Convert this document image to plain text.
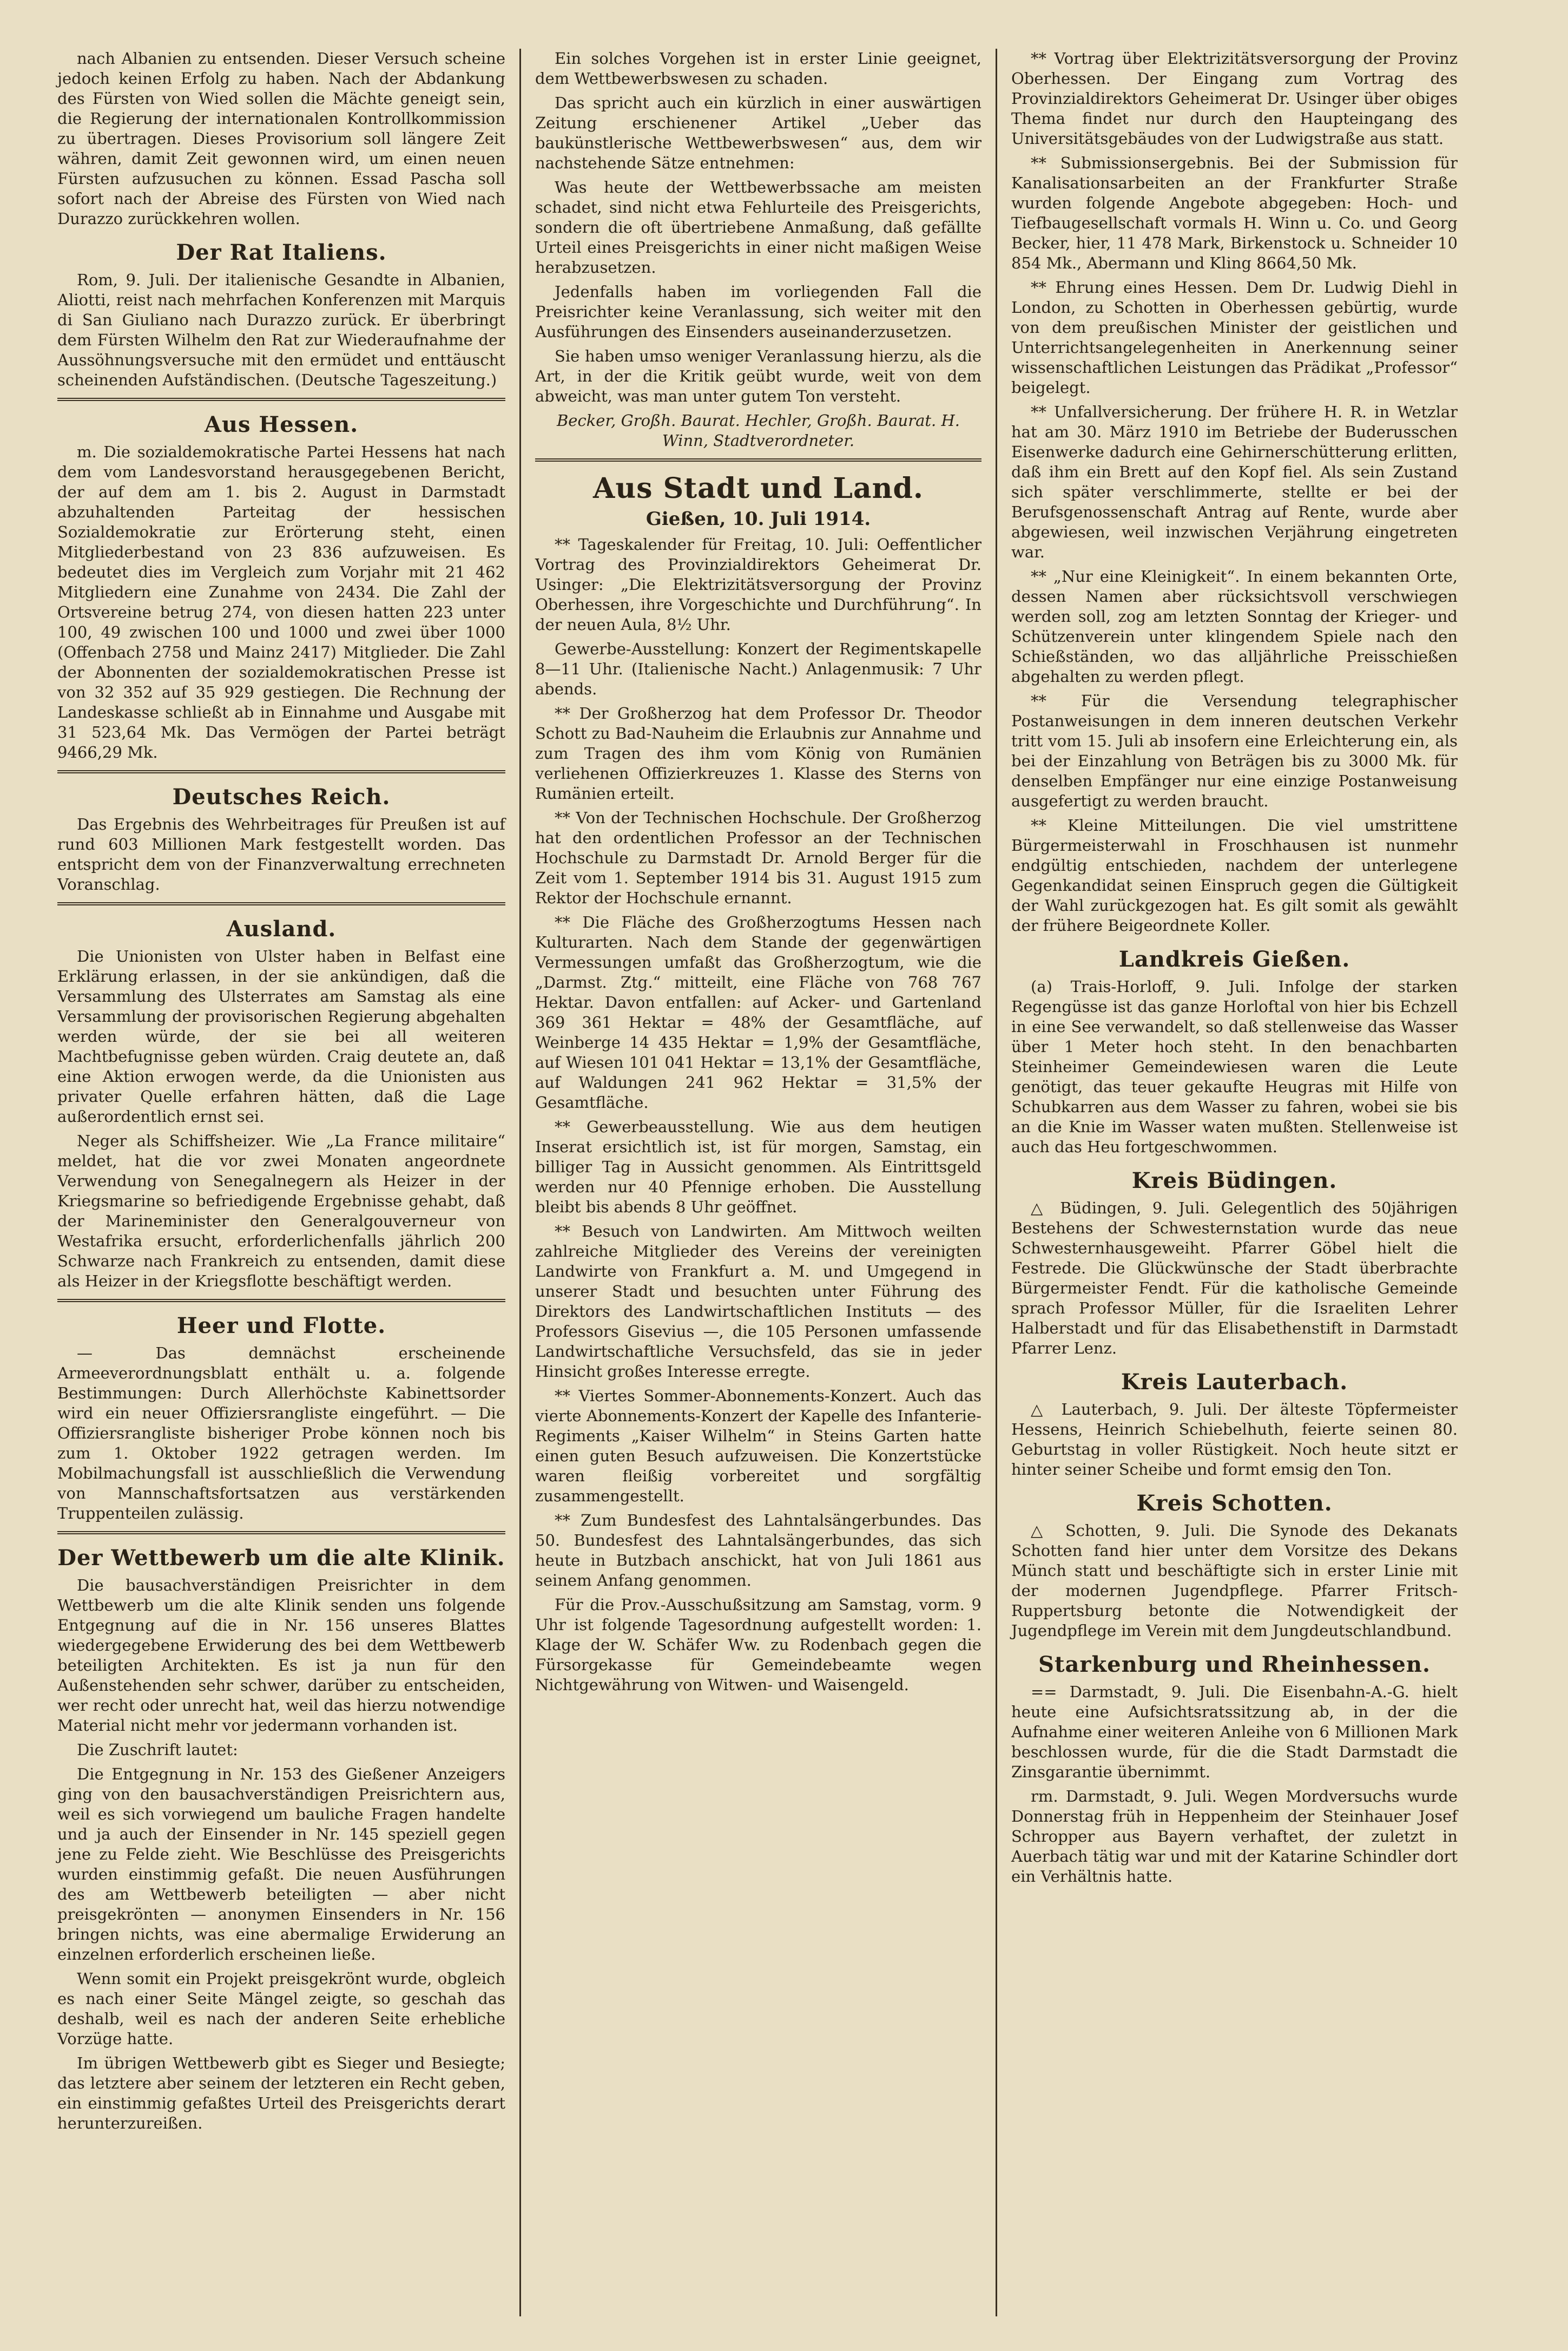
nach Albanien zu entsenden. Dieser Versuch scheine jedoch keinen Erfolg zu haben. Nach der Abdankung des Fürsten von Wied sollen die Mächte geneigt sein, die Regierung der internationalen Kontrollkommission zu übertragen. Dieses Provisorium soll längere Zeit währen, damit Zeit gewonnen wird, um einen neuen Fürsten aufzusuchen zu können. Essad Pascha soll sofort nach der Abreise des Fürsten von Wied nach Durazzo zurückkehren wollen.

Der Rat Italiens.

Rom, 9. Juli. Der italienische Gesandte in Albanien, Aliotti, reist nach mehrfachen Konferenzen mit Marquis di San Giuliano nach Durazzo zurück. Er überbringt dem Fürsten Wilhelm den Rat zur Wiederaufnahme der Aussöhnungsversuche mit den ermüdet und enttäuscht scheinenden Aufständischen. (Deutsche Tageszeitung.)

Aus Hessen.

m. Die sozialdemokratische Partei Hessens hat nach dem vom Landesvorstand herausgegebenen Bericht, der auf dem am 1. bis 2. August in Darmstadt abzuhaltenden Parteitag der hessischen Sozialdemokratie zur Erörterung steht, einen Mitgliederbestand von 23 836 aufzuweisen. Es bedeutet dies im Vergleich zum Vorjahr mit 21 462 Mitgliedern eine Zunahme von 2434. Die Zahl der Ortsvereine betrug 274, von diesen hatten 223 unter 100, 49 zwischen 100 und 1000 und zwei über 1000 (Offenbach 2758 und Mainz 2417) Mitglieder. Die Zahl der Abonnenten der sozialdemokratischen Presse ist von 32 352 auf 35 929 gestiegen. Die Rechnung der Landeskasse schließt ab in Einnahme und Ausgabe mit 31 523,64 Mk. Das Vermögen der Partei beträgt 9466,29 Mk.

Deutsches Reich.

Das Ergebnis des Wehrbeitrages für Preußen ist auf rund 603 Millionen Mark festgestellt worden. Das entspricht dem von der Finanzverwaltung errechneten Voranschlag.

Ausland.

Die Unionisten von Ulster haben in Belfast eine Erklärung erlassen, in der sie ankündigen, daß die Versammlung des Ulsterrates am Samstag als eine Versammlung der provisorischen Regierung abgehalten werden würde, der sie bei all weiteren Machtbefugnisse geben würden. Craig deutete an, daß eine Aktion erwogen werde, da die Unionisten aus privater Quelle erfahren hätten, daß die Lage außerordentlich ernst sei.

Neger als Schiffsheizer. Wie „La France militaire“ meldet, hat die vor zwei Monaten angeordnete Verwendung von Senegalnegern als Heizer in der Kriegsmarine so befriedigende Ergebnisse gehabt, daß der Marineminister den Generalgouverneur von Westafrika ersucht, erforderlichenfalls jährlich 200 Schwarze nach Frankreich zu entsenden, damit diese als Heizer in der Kriegsflotte beschäftigt werden.

Heer und Flotte.

— Das demnächst erscheinende Armeeverordnungsblatt enthält u. a. folgende Bestimmungen: Durch Allerhöchste Kabinettsorder wird ein neuer Offiziersrangliste eingeführt. — Die Offiziersrangliste bisheriger Probe können noch bis zum 1. Oktober 1922 getragen werden. Im Mobilmachungsfall ist ausschließlich die Verwendung von Mannschaftsfortsatzen aus verstärkenden Truppenteilen zulässig.

Der Wettbewerb um die alte Klinik.

Die bausachverständigen Preisrichter in dem Wettbewerb um die alte Klinik senden uns folgende Entgegnung auf die in Nr. 156 unseres Blattes wiedergegebene Erwiderung des bei dem Wettbewerb beteiligten Architekten. Es ist ja nun für den Außenstehenden sehr schwer, darüber zu entscheiden, wer recht oder unrecht hat, weil das hierzu notwendige Material nicht mehr vor jedermann vorhanden ist.

Die Zuschrift lautet:

Die Entgegnung in Nr. 153 des Gießener Anzeigers ging von den bausachverständigen Preisrichtern aus, weil es sich vorwiegend um bauliche Fragen handelte und ja auch der Einsender in Nr. 145 speziell gegen jene zu Felde zieht. Wie Beschlüsse des Preisgerichts wurden einstimmig gefaßt. Die neuen Ausführungen des am Wettbewerb beteiligten — aber nicht preisgekrönten — anonymen Einsenders in Nr. 156 bringen nichts, was eine abermalige Erwiderung an einzelnen erforderlich erscheinen ließe.

Wenn somit ein Projekt preisgekrönt wurde, obgleich es nach einer Seite Mängel zeigte, so geschah das deshalb, weil es nach der anderen Seite erhebliche Vorzüge hatte.

Im übrigen Wettbewerb gibt es Sieger und Besiegte; das letztere aber seinem der letzteren ein Recht geben, ein einstimmig gefaßtes Urteil des Preisgerichts derart herunterzureißen.

Ein solches Vorgehen ist in erster Linie geeignet, dem Wettbewerbswesen zu schaden.

Das spricht auch ein kürzlich in einer auswärtigen Zeitung erschienener Artikel „Ueber das baukünstlerische Wettbewerbswesen“ aus, dem wir nachstehende Sätze entnehmen:

Was heute der Wettbewerbssache am meisten schadet, sind nicht etwa Fehlurteile des Preisgerichts, sondern die oft übertriebene Anmaßung, daß gefällte Urteil eines Preisgerichts in einer nicht maßigen Weise herabzusetzen.

Jedenfalls haben im vorliegenden Fall die Preisrichter keine Veranlassung, sich weiter mit den Ausführungen des Einsenders auseinanderzusetzen.

Sie haben umso weniger Veranlassung hierzu, als die Art, in der die Kritik geübt wurde, weit von dem abweicht, was man unter gutem Ton versteht.

Becker, Großh. Baurat. Hechler, Großh. Baurat. H. Winn, Stadtverordneter.
Aus Stadt und Land.
Gießen, 10. Juli 1914.

** Tageskalender für Freitag, 10. Juli: Oeffentlicher Vortrag des Provinzialdirektors Geheimerat Dr. Usinger: „Die Elektrizitätsversorgung der Provinz Oberhessen, ihre Vorgeschichte und Durchführung“. In der neuen Aula, 8½ Uhr.

Gewerbe-Ausstellung: Konzert der Regimentskapelle 8—11 Uhr. (Italienische Nacht.) Anlagenmusik: 7 Uhr abends.

** Der Großherzog hat dem Professor Dr. Theodor Schott zu Bad-Nauheim die Erlaubnis zur Annahme und zum Tragen des ihm vom König von Rumänien verliehenen Offizierkreuzes 1. Klasse des Sterns von Rumänien erteilt.

** Von der Technischen Hochschule. Der Großherzog hat den ordentlichen Professor an der Technischen Hochschule zu Darmstadt Dr. Arnold Berger für die Zeit vom 1. September 1914 bis 31. August 1915 zum Rektor der Hochschule ernannt.

** Die Fläche des Großherzogtums Hessen nach Kulturarten. Nach dem Stande der gegenwärtigen Vermessungen umfaßt das Großherzogtum, wie die „Darmst. Ztg.“ mitteilt, eine Fläche von 768 767 Hektar. Davon entfallen: auf Acker- und Gartenland 369 361 Hektar = 48% der Gesamtfläche, auf Weinberge 14 435 Hektar = 1,9% der Gesamtfläche, auf Wiesen 101 041 Hektar = 13,1% der Gesamtfläche, auf Waldungen 241 962 Hektar = 31,5% der Gesamtfläche.

** Gewerbeausstellung. Wie aus dem heutigen Inserat ersichtlich ist, ist für morgen, Samstag, ein billiger Tag in Aussicht genommen. Als Eintrittsgeld werden nur 40 Pfennige erhoben. Die Ausstellung bleibt bis abends 8 Uhr geöffnet.

** Besuch von Landwirten. Am Mittwoch weilten zahlreiche Mitglieder des Vereins der vereinigten Landwirte von Frankfurt a. M. und Umgegend in unserer Stadt und besuchten unter Führung des Direktors des Landwirtschaftlichen Instituts — des Professors Gisevius —, die 105 Personen umfassende Landwirtschaftliche Versuchsfeld, das sie in jeder Hinsicht großes Interesse erregte.

** Viertes Sommer-Abonnements-Konzert. Auch das vierte Abonnements-Konzert der Kapelle des Infanterie-Regiments „Kaiser Wilhelm“ in Steins Garten hatte einen guten Besuch aufzuweisen. Die Konzertstücke waren fleißig vorbereitet und sorgfältig zusammengestellt.

** Zum Bundesfest des Lahntalsängerbundes. Das 50. Bundesfest des Lahntalsängerbundes, das sich heute in Butzbach anschickt, hat von Juli 1861 aus seinem Anfang genommen.

Für die Prov.-Ausschußsitzung am Samstag, vorm. 9 Uhr ist folgende Tagesordnung aufgestellt worden: 1. Klage der W. Schäfer Ww. zu Rodenbach gegen die Fürsorgekasse für Gemeindebeamte wegen Nichtgewährung von Witwen- und Waisengeld.

** Vortrag über Elektrizitätsversorgung der Provinz Oberhessen. Der Eingang zum Vortrag des Provinzialdirektors Geheimerat Dr. Usinger über obiges Thema findet nur durch den Haupteingang des Universitätsgebäudes von der Ludwigstraße aus statt.

** Submissionsergebnis. Bei der Submission für Kanalisationsarbeiten an der Frankfurter Straße wurden folgende Angebote abgegeben: Hoch- und Tiefbaugesellschaft vormals H. Winn u. Co. und Georg Becker, hier, 11 478 Mark, Birkenstock u. Schneider 10 854 Mk., Abermann und Kling 8664,50 Mk.

** Ehrung eines Hessen. Dem Dr. Ludwig Diehl in London, zu Schotten in Oberhessen gebürtig, wurde von dem preußischen Minister der geistlichen und Unterrichtsangelegenheiten in Anerkennung seiner wissenschaftlichen Leistungen das Prädikat „Professor“ beigelegt.

** Unfallversicherung. Der frühere H. R. in Wetzlar hat am 30. März 1910 im Betriebe der Buderusschen Eisenwerke dadurch eine Gehirnerschütterung erlitten, daß ihm ein Brett auf den Kopf fiel. Als sein Zustand sich später verschlimmerte, stellte er bei der Berufsgenossenschaft Antrag auf Rente, wurde aber abgewiesen, weil inzwischen Verjährung eingetreten war.

** „Nur eine Kleinigkeit“. In einem bekannten Orte, dessen Namen aber rücksichtsvoll verschwiegen werden soll, zog am letzten Sonntag der Krieger- und Schützenverein unter klingendem Spiele nach den Schießständen, wo das alljährliche Preisschießen abgehalten zu werden pflegt.

** Für die Versendung telegraphischer Postanweisungen in dem inneren deutschen Verkehr tritt vom 15. Juli ab insofern eine Erleichterung ein, als bei der Einzahlung von Beträgen bis zu 3000 Mk. für denselben Empfänger nur eine einzige Postanweisung ausgefertigt zu werden braucht.

** Kleine Mitteilungen. Die viel umstrittene Bürgermeisterwahl in Froschhausen ist nunmehr endgültig entschieden, nachdem der unterlegene Gegenkandidat seinen Einspruch gegen die Gültigkeit der Wahl zurückgezogen hat. Es gilt somit als gewählt der frühere Beigeordnete Koller.

Landkreis Gießen.

(a) Trais-Horloff, 9. Juli. Infolge der starken Regengüsse ist das ganze Horloftal von hier bis Echzell in eine See verwandelt, so daß stellenweise das Wasser über 1 Meter hoch steht. In den benachbarten Steinheimer Gemeindewiesen waren die Leute genötigt, das teuer gekaufte Heugras mit Hilfe von Schubkarren aus dem Wasser zu fahren, wobei sie bis an die Knie im Wasser waten mußten. Stellenweise ist auch das Heu fortgeschwommen.

Kreis Büdingen.

△ Büdingen, 9. Juli. Gelegentlich des 50jährigen Bestehens der Schwesternstation wurde das neue Schwesternhausgeweiht. Pfarrer Göbel hielt die Festrede. Die Glückwünsche der Stadt überbrachte Bürgermeister Fendt. Für die katholische Gemeinde sprach Professor Müller, für die Israeliten Lehrer Halberstadt und für das Elisabethenstift in Darmstadt Pfarrer Lenz.

Kreis Lauterbach.

△ Lauterbach, 9. Juli. Der älteste Töpfermeister Hessens, Heinrich Schiebelhuth, feierte seinen 80. Geburtstag in voller Rüstigkeit. Noch heute sitzt er hinter seiner Scheibe und formt emsig den Ton.

Kreis Schotten.

△ Schotten, 9. Juli. Die Synode des Dekanats Schotten fand hier unter dem Vorsitze des Dekans Münch statt und beschäftigte sich in erster Linie mit der modernen Jugendpflege. Pfarrer Fritsch-Ruppertsburg betonte die Notwendigkeit der Jugendpflege im Verein mit dem Jungdeutschlandbund.

Starkenburg und Rheinhessen.

== Darmstadt, 9. Juli. Die Eisenbahn-A.-G. hielt heute eine Aufsichtsratssitzung ab, in der die Aufnahme einer weiteren Anleihe von 6 Millionen Mark beschlossen wurde, für die die Stadt Darmstadt die Zinsgarantie übernimmt.

rm. Darmstadt, 9. Juli. Wegen Mordversuchs wurde Donnerstag früh in Heppenheim der Steinhauer Josef Schropper aus Bayern verhaftet, der zuletzt in Auerbach tätig war und mit der Katarine Schindler dort ein Verhältnis hatte.
